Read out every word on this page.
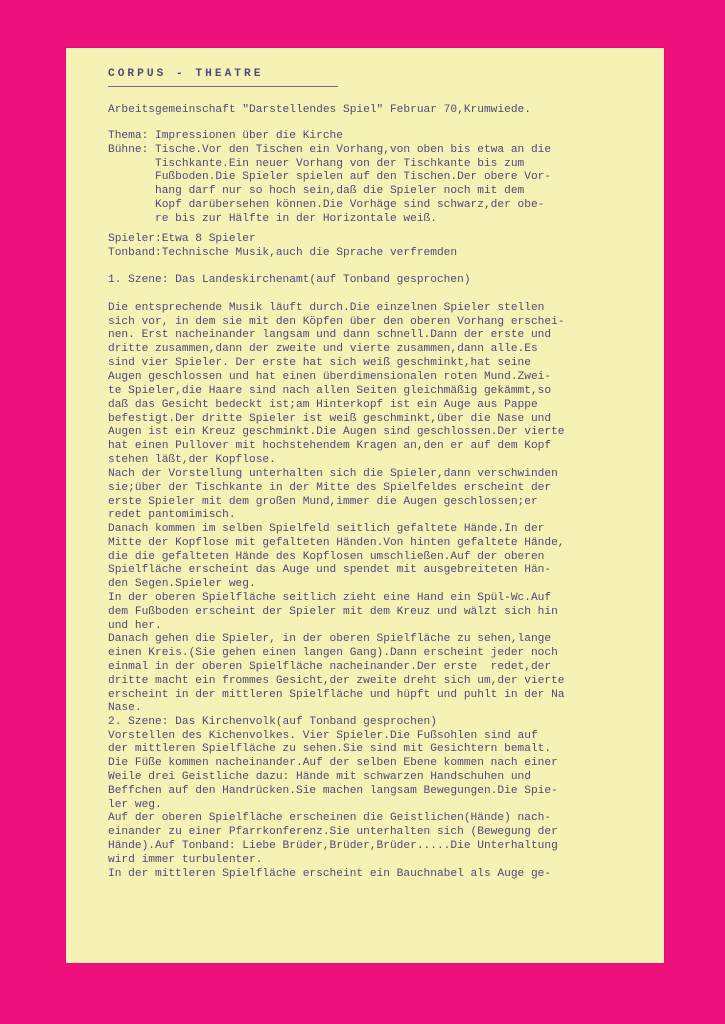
CORPUS - THEATRE
Arbeitsgemeinschaft "Darstellendes Spiel" Februar 70,Krumwiede.
Thema: Impressionen über die Kirche
Bühne: Tische.Vor den Tischen ein Vorhang,von oben bis etwa an die
Tischkante.Ein neuer Vorhang von der Tischkante bis zum
Fußboden.Die Spieler spielen auf den Tischen.Der obere Vor-
hang darf nur so hoch sein,daß die Spieler noch mit dem
Kopf darübersehen können.Die Vorhäge sind schwarz,der obe-
re bis zur Hälfte in der Horizontale weiß.
Spieler:Etwa 8 Spieler
Tonband:Technische Musik,auch die Sprache verfremden
1. Szene: Das Landeskirchenamt(auf Tonband gesprochen)
Die entsprechende Musik läuft durch.Die einzelnen Spieler stellen
sich vor, in dem sie mit den Köpfen über den oberen Vorhang erschei-
nen. Erst nacheinander langsam und dann schnell.Dann der erste und
dritte zusammen,dann der zweite und vierte zusammen,dann alle.Es
sind vier Spieler. Der erste hat sich weiß geschminkt,hat seine
Augen geschlossen und hat einen überdimensionalen roten Mund.Zwei-
te Spieler,die Haare sind nach allen Seiten gleichmäßig gekämmt,so
daß das Gesicht bedeckt ist;am Hinterkopf ist ein Auge aus Pappe
befestigt.Der dritte Spieler ist weiß geschminkt,über die Nase und
Augen ist ein Kreuz geschminkt.Die Augen sind geschlossen.Der vierte
hat einen Pullover mit hochstehendem Kragen an,den er auf dem Kopf
stehen läßt,der Kopflose.
Nach der Vorstellung unterhalten sich die Spieler,dann verschwinden
sie;über der Tischkante in der Mitte des Spielfeldes erscheint der
erste Spieler mit dem großen Mund,immer die Augen geschlossen;er
redet pantomimisch.
Danach kommen im selben Spielfeld seitlich gefaltete Hände.In der
Mitte der Kopflose mit gefalteten Händen.Von hinten gefaltete Hände,
die die gefalteten Hände des Kopflosen umschließen.Auf der oberen
Spielfläche erscheint das Auge und spendet mit ausgebreiteten Hän-
den Segen.Spieler weg.
In der oberen Spielfläche seitlich zieht eine Hand ein Spül-Wc.Auf
dem Fußboden erscheint der Spieler mit dem Kreuz und wälzt sich hin
und her.
Danach gehen die Spieler, in der oberen Spielfläche zu sehen,lange
einen Kreis.(Sie gehen einen langen Gang).Dann erscheint jeder noch
einmal in der oberen Spielfläche nacheinander.Der erste  redet,der
dritte macht ein frommes Gesicht,der zweite dreht sich um,der vierte
erscheint in der mittleren Spielfläche und hüpft und puhlt in der Na
Nase.
2. Szene: Das Kirchenvolk(auf Tonband gesprochen)
Vorstellen des Kichenvolkes. Vier Spieler.Die Fußsohlen sind auf
der mittleren Spielfläche zu sehen.Sie sind mit Gesichtern bemalt.
Die Füße kommen nacheinander.Auf der selben Ebene kommen nach einer
Weile drei Geistliche dazu: Hände mit schwarzen Handschuhen und
Beffchen auf den Handrücken.Sie machen langsam Bewegungen.Die Spie-
ler weg.
Auf der oberen Spielfläche erscheinen die Geistlichen(Hände) nach-
einander zu einer Pfarrkonferenz.Sie unterhalten sich (Bewegung der
Hände).Auf Tonband: Liebe Brüder,Brüder,Brüder.....Die Unterhaltung
wird immer turbulenter.
In der mittleren Spielfläche erscheint ein Bauchnabel als Auge ge-
